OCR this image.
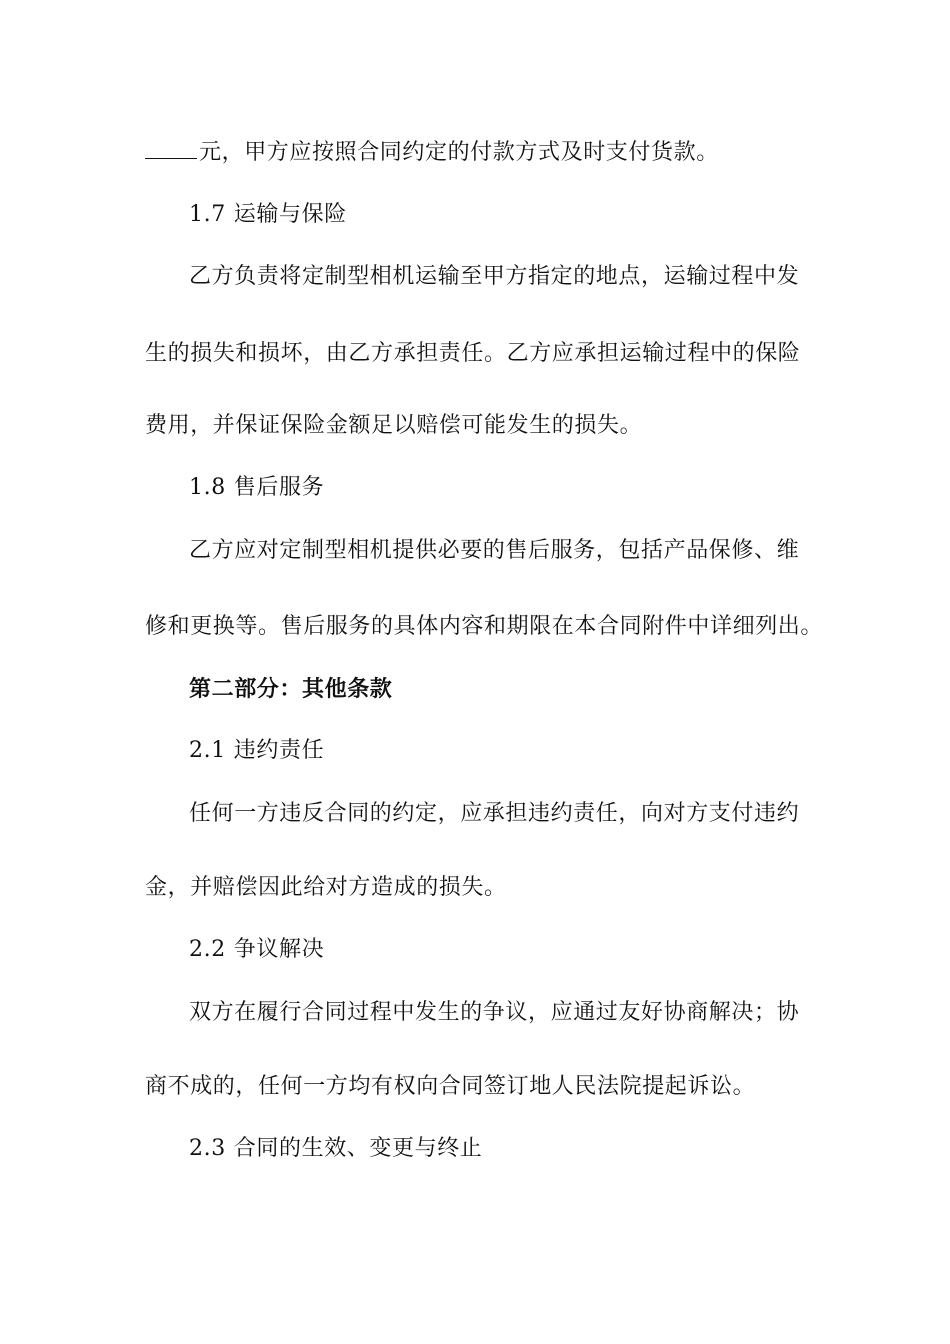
元，甲方应按照合同约定的付款方式及时支付货款。
1.7 运输与保险
乙方负责将定制型相机运输至甲方指定的地点，运输过程中发
生的损失和损坏，由乙方承担责任。乙方应承担运输过程中的保险
费用，并保证保险金额足以赔偿可能发生的损失。
1.8 售后服务
乙方应对定制型相机提供必要的售后服务，包括产品保修、维
修和更换等。售后服务的具体内容和期限在本合同附件中详细列出。
第二部分：其他条款
2.1 违约责任
任何一方违反合同的约定，应承担违约责任，向对方支付违约
金，并赔偿因此给对方造成的损失。
2.2 争议解决
双方在履行合同过程中发生的争议，应通过友好协商解决；协
商不成的，任何一方均有权向合同签订地人民法院提起诉讼。
2.3 合同的生效、变更与终止
